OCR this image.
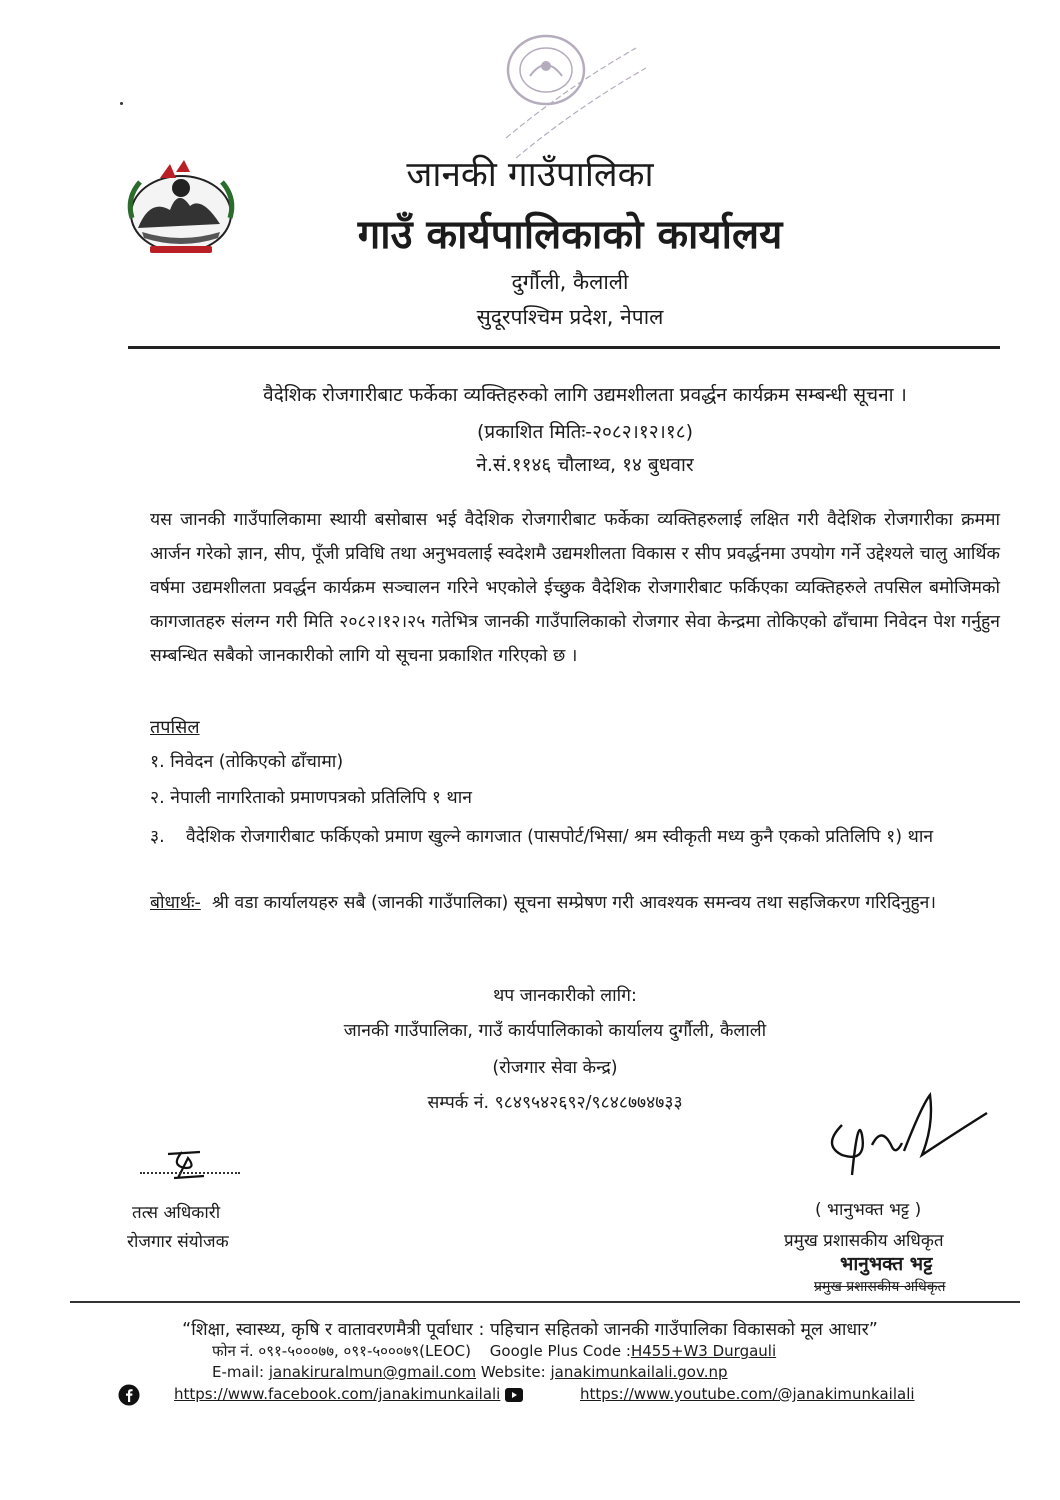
जानकी गाउँपालिका
गाउँ कार्यपालिकाको कार्यालय
दुर्गौली, कैलाली
सुदूरपश्चिम प्रदेश, नेपाल
वैदेशिक रोजगारीबाट फर्केका व्यक्तिहरुको लागि उद्यमशीलता प्रवर्द्धन कार्यक्रम सम्बन्धी सूचना ।
(प्रकाशित मितिः-२०८२।१२।१८)
ने.सं.११४६ चौलाथ्व, १४ बुधवार
यस जानकी गाउँपालिकामा स्थायी बसोबास भई वैदेशिक रोजगारीबाट फर्केका व्यक्तिहरुलाई लक्षित गरी वैदेशिक रोजगारीका क्रममा आर्जन गरेको ज्ञान, सीप, पूँजी प्रविधि तथा अनुभवलाई स्वदेशमै उद्यमशीलता विकास र सीप प्रवर्द्धनमा उपयोग गर्ने उद्देश्यले चालु आर्थिक वर्षमा उद्यमशीलता प्रवर्द्धन कार्यक्रम सञ्चालन गरिने भएकोले ईच्छुक वैदेशिक रोजगारीबाट फर्किएका व्यक्तिहरुले तपसिल बमोजिमको कागजातहरु संलग्न गरी मिति २०८२।१२।२५ गतेभित्र जानकी गाउँपालिकाको रोजगार सेवा केन्द्रमा तोकिएको ढाँचामा निवेदन पेश गर्नुहुन सम्बन्धित सबैको जानकारीको लागि यो सूचना प्रकाशित गरिएको छ ।
तपसिल
१. निवेदन (तोकिएको ढाँचामा)
२. नेपाली नागरिताको प्रमाणपत्रको प्रतिलिपि १ थान
३. वैदेशिक रोजगारीबाट फर्किएको प्रमाण खुल्ने कागजात (पासपोर्ट/भिसा/ श्रम स्वीकृती मध्य कुनै एकको प्रतिलिपि १) थान
बोधार्थः- श्री वडा कार्यालयहरु सबै (जानकी गाउँपालिका) सूचना सम्प्रेषण गरी आवश्यक समन्वय तथा सहजिकरण गरिदिनुहुन।
थप जानकारीको लागि:
जानकी गाउँपालिका, गाउँ कार्यपालिकाको कार्यालय दुर्गौली, कैलाली
(रोजगार सेवा केन्द्र)
सम्पर्क नं. ९८४९५४२६९२/९८४८७७४७३३
तत्स अधिकारी
रोजगार संयोजक
( भानुभक्त भट्ट )
प्रमुख प्रशासकीय अधिकृत
भानुभक्त भट्ट
प्रमुख प्रशासकीय अधिकृत
“शिक्षा, स्वास्थ्य, कृषि र वातावरणमैत्री पूर्वाधार : पहिचान सहितको जानकी गाउँपालिका विकासको मूल आधार”
फोन नं. ०९१-५०००७७, ०९१-५०००७९(LEOC) Google Plus Code :H455+W3 Durgauli
E-mail: janakiruralmun@gmail.com Website: janakimunkailali.gov.np
https://www.facebook.com/janakimunkailali	https://www.youtube.com/@janakimunkailali
